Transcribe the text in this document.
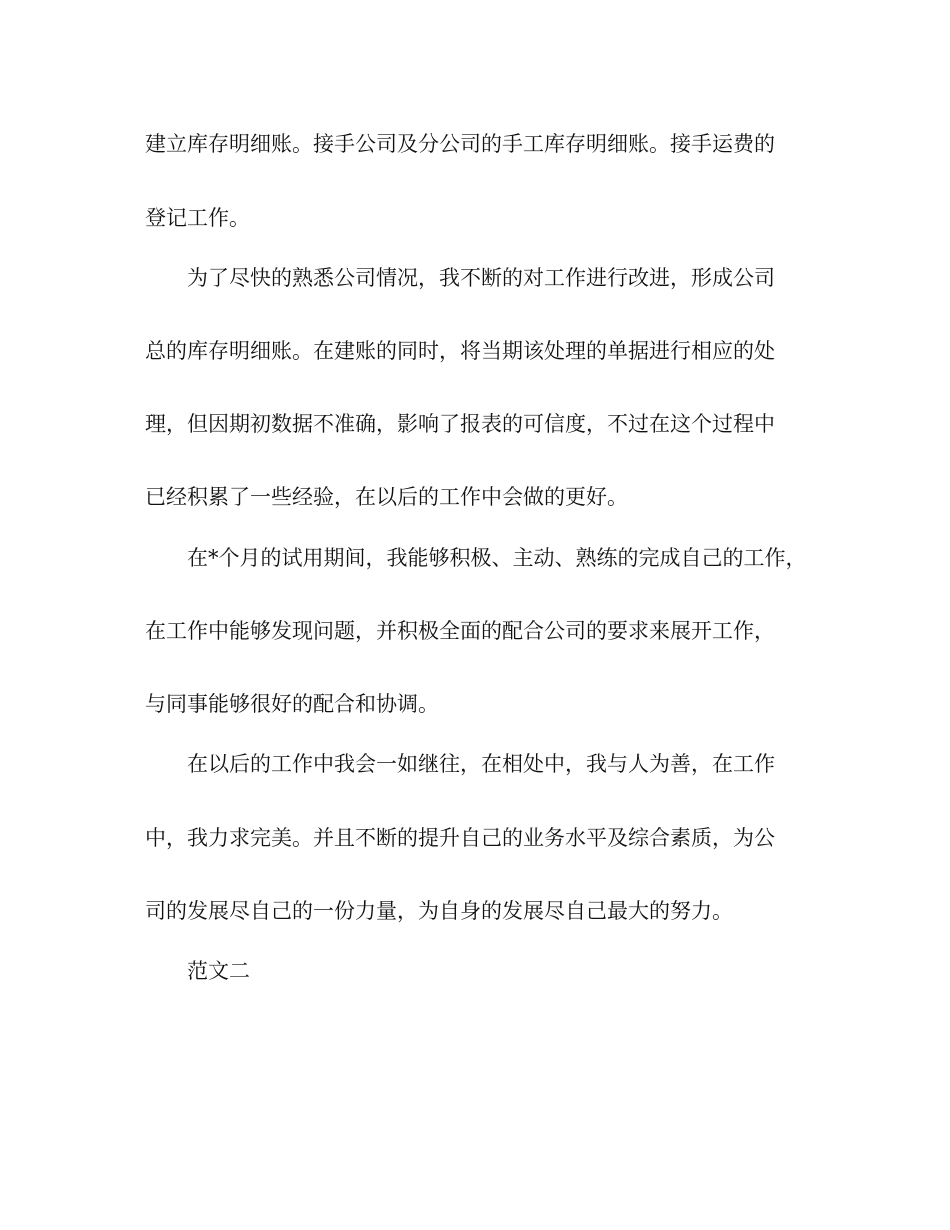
建立库存明细账。接手公司及分公司的手工库存明细账。接手运费的
登记工作。
为了尽快的熟悉公司情况，我不断的对工作进行改进，形成公司
总的库存明细账。在建账的同时，将当期该处理的单据进行相应的处
理，但因期初数据不准确，影响了报表的可信度，不过在这个过程中
已经积累了一些经验，在以后的工作中会做的更好。
在*个月的试用期间，我能够积极、主动、熟练的完成自己的工作，
在工作中能够发现问题，并积极全面的配合公司的要求来展开工作，
与同事能够很好的配合和协调。
在以后的工作中我会一如继往，在相处中，我与人为善，在工作
中，我力求完美。并且不断的提升自己的业务水平及综合素质，为公
司的发展尽自己的一份力量，为自身的发展尽自己最大的努力。
范文二
